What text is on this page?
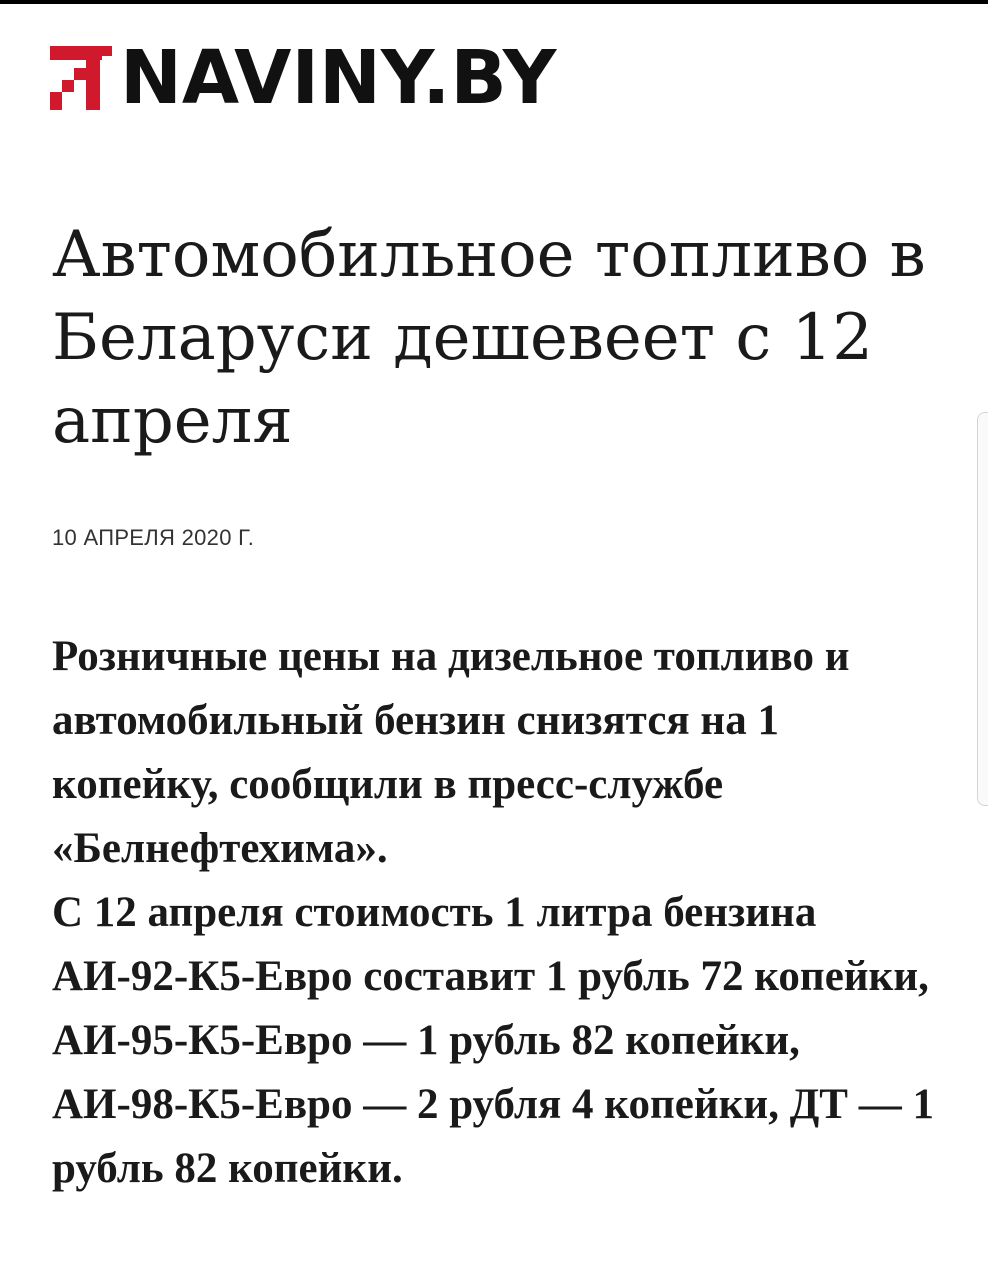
NAVINY.BY
Автомобильное топливо в Беларуси дешевеет с 12 апреля
10 АПРЕЛЯ 2020 Г.

Розничные цены на дизельное топливо и автомобильный бензин снизятся на 1 копейку, сообщили в пресс-службе «Белнефтехима».

С 12 апреля стоимость 1 литра бензина АИ-92-К5-Евро составит 1 рубль 72 копейки, АИ-95-К5-Евро — 1 рубль 82 копейки, АИ-98-К5-Евро — 2 рубля 4 копейки, ДТ — 1 рубль 82 копейки.
